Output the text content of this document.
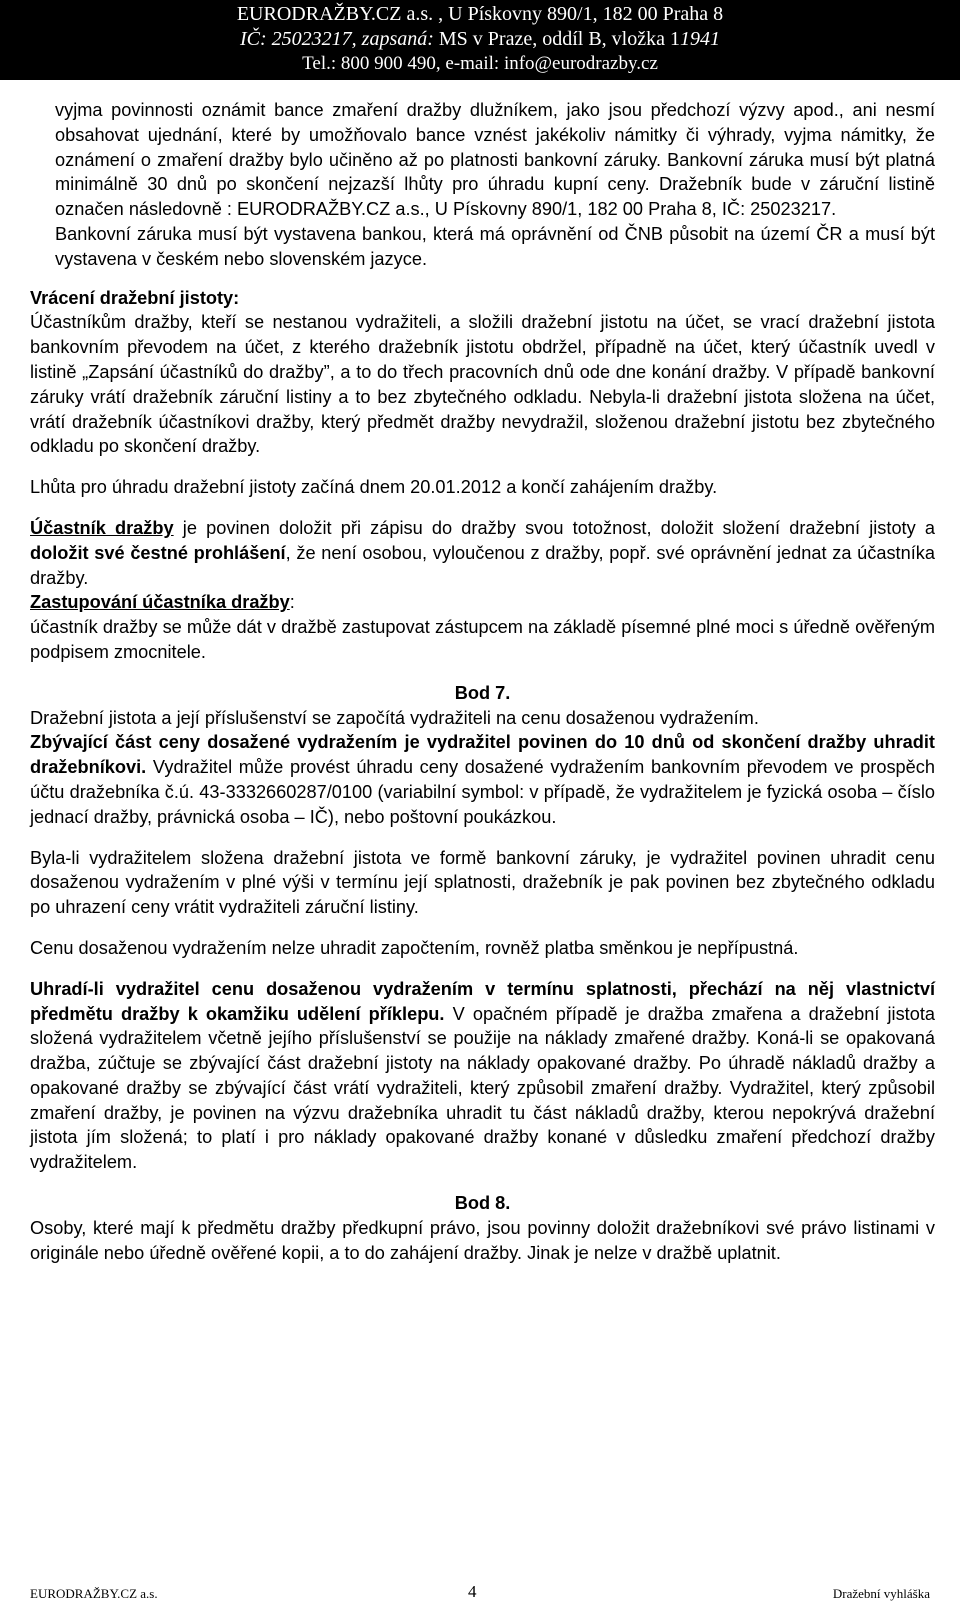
EURODRAŽBY.CZ a.s. , U Pískovny 890/1, 182 00 Praha 8
IČ: 25023217, zapsaná: MS v Praze, oddíl B, vložka 11941
Tel.: 800 900 490, e-mail: info@eurodrazby.cz

vyjma povinnosti oznámit bance zmaření dražby dlužníkem, jako jsou předchozí výzvy apod., ani nesmí obsahovat ujednání, které by umožňovalo bance vznést jakékoliv námitky či výhrady, vyjma námitky, že oznámení o zmaření dražby bylo učiněno až po platnosti bankovní záruky. Bankovní záruka musí být platná minimálně 30 dnů po skončení nejzazší lhůty pro úhradu kupní ceny. Dražebník bude v záruční listině označen následovně : EURODRAŽBY.CZ a.s., U Pískovny 890/1, 182 00 Praha 8, IČ: 25023217.

Bankovní záruka musí být vystavena bankou, která má oprávnění od ČNB působit na území ČR a musí být vystavena v českém nebo slovenském jazyce.

Vrácení dražební jistoty:

Účastníkům dražby, kteří se nestanou vydražiteli, a složili dražební jistotu na účet, se vrací dražební jistota bankovním převodem na účet, z kterého dražebník jistotu obdržel, případně na účet, který účastník uvedl v listině „Zapsání účastníků do dražby”, a to do třech pracovních dnů ode dne konání dražby. V případě bankovní záruky vrátí dražebník záruční listiny a to bez zbytečného odkladu. Nebyla-li dražební jistota složena na účet, vrátí dražebník účastníkovi dražby, který předmět dražby nevydražil, složenou dražební jistotu bez zbytečného odkladu po skončení dražby.

Lhůta pro úhradu dražební jistoty začíná dnem 20.01.2012 a končí zahájením dražby.

Účastník dražby je povinen doložit při zápisu do dražby svou totožnost, doložit složení dražební jistoty a doložit své čestné prohlášení, že není osobou, vyloučenou z dražby, popř. své oprávnění jednat za účastníka dražby.

Zastupování účastníka dražby:

účastník dražby se může dát v dražbě zastupovat zástupcem na základě písemné plné moci s úředně ověřeným podpisem zmocnitele.

Bod 7.

Dražební jistota a její příslušenství se započítá vydražiteli na cenu dosaženou vydražením.

Zbývající část ceny dosažené vydražením je vydražitel povinen do 10 dnů od skončení dražby uhradit dražebníkovi. Vydražitel může provést úhradu ceny dosažené vydražením bankovním převodem ve prospěch účtu dražebníka č.ú. 43-3332660287/0100 (variabilní symbol: v případě, že vydražitelem je fyzická osoba – číslo jednací dražby, právnická osoba – IČ), nebo poštovní poukázkou.

Byla-li vydražitelem složena dražební jistota ve formě bankovní záruky, je vydražitel povinen uhradit cenu dosaženou vydražením v plné výši v termínu její splatnosti, dražebník je pak povinen bez zbytečného odkladu po uhrazení ceny vrátit vydražiteli záruční listiny.

Cenu dosaženou vydražením nelze uhradit započtením, rovněž platba směnkou je nepřípustná.

Uhradí-li vydražitel cenu dosaženou vydražením v termínu splatnosti, přechází na něj vlastnictví předmětu dražby k okamžiku udělení příklepu. V opačném případě je dražba zmařena a dražební jistota složená vydražitelem včetně jejího příslušenství se použije na náklady zmařené dražby. Koná-li se opakovaná dražba, zúčtuje se zbývající část dražební jistoty na náklady opakované dražby. Po úhradě nákladů dražby a opakované dražby se zbývající část vrátí vydražiteli, který způsobil zmaření dražby. Vydražitel, který způsobil zmaření dražby, je povinen na výzvu dražebníka uhradit tu část nákladů dražby, kterou nepokrývá dražební jistota jím složená; to platí i pro náklady opakované dražby konané v důsledku zmaření předchozí dražby vydražitelem.

Bod 8.

Osoby, které mají k předmětu dražby předkupní právo, jsou povinny doložit dražebníkovi své právo listinami v originále nebo úředně ověřené kopii, a to do zahájení dražby. Jinak je nelze v dražbě uplatnit.

EURODRAŽBY.CZ a.s.	4	Dražební vyhláška
